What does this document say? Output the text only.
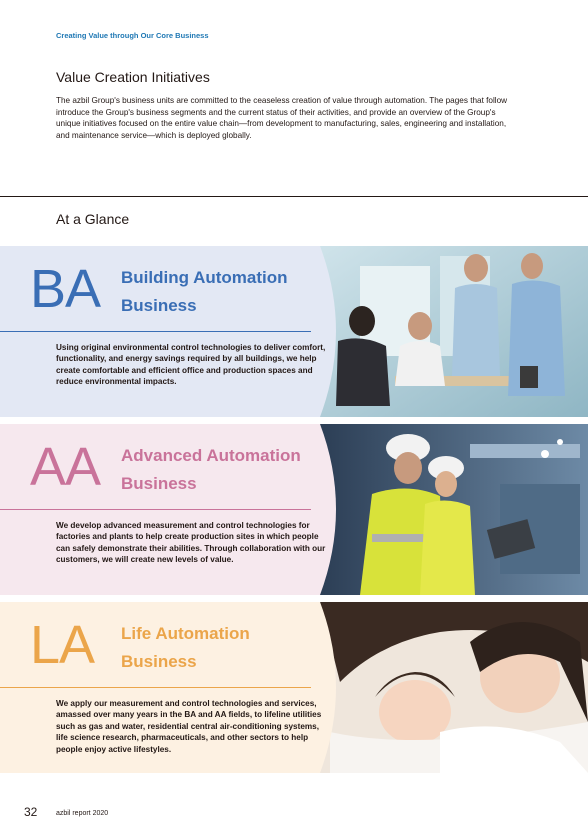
Creating Value through Our Core Business
Value Creation Initiatives
The azbil Group's business units are committed to the ceaseless creation of value through automation. The pages that follow introduce the Group's business segments and the current status of their activities, and provide an overview of the Group's unique initiatives focused on the entire value chain—from development to manufacturing, sales, engineering and installation, and maintenance service—which is deployed globally.
At a Glance
BA Building Automation
Business
Using original environmental control technologies to deliver comfort, functionality, and energy savings required by all buildings, we help create comfortable and efficient office and production spaces and reduce environmental impacts.
AA Advanced Automation
Business
We develop advanced measurement and control technologies for factories and plants to help create production sites in which people can safely demonstrate their abilities. Through collaboration with our customers, we will create new levels of value.
LA Life Automation
Business
We apply our measurement and control technologies and services, amassed over many years in the BA and AA fields, to lifeline utilities such as gas and water, residential central air-conditioning systems, life science research, pharmaceuticals, and other sectors to help people enjoy active lifestyles.
32	azbil report 2020
